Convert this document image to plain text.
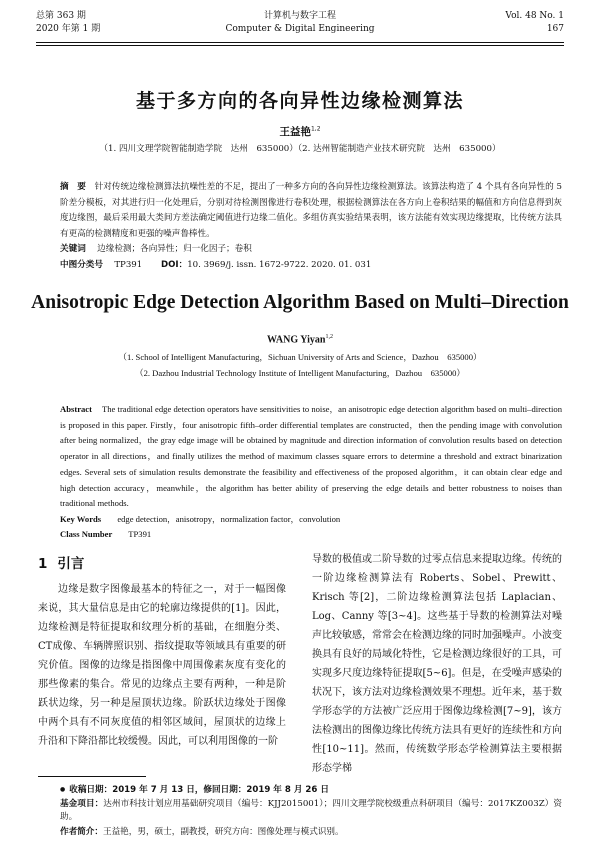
总第 363 期
2020 年第 1 期
计算机与数字工程
Computer & Digital Engineering
Vol. 48 No. 1
167
基于多方向的各向异性边缘检测算法
王益艳$^{1,2}$
（1. 四川文理学院智能制造学院　达州　635000）（2. 达州智能制造产业技术研究院　达州　635000）
摘　要 针对传统边缘检测算法抗噪性差的不足，提出了一种多方向的各向异性边缘检测算法。该算法构造了 4 个具有各向异性的 5 阶差分模板，对其进行归一化处理后，分别对待检测图像进行卷积处理，根据检测算法在各方向上卷积结果的幅值和方向信息得到灰度边缘图，最后采用最大类间方差法确定阈值进行边缘二值化。多组仿真实验结果表明，该方法能有效实现边缘提取，比传统方法具有更高的检测精度和更强的噪声鲁棒性。
关键词　 边缘检测；各向异性；归一化因子；卷积
中图分类号　 TP391 DOI：10. 3969/j. issn. 1672-9722. 2020. 01. 031
Anisotropic Edge Detection Algorithm Based on Multi–Direction
WANG Yiyan$^{1,2}$
（1. School of Intelligent Manufacturing，Sichuan University of Arts and Science，Dazhou　635000）
（2. Dazhou Industrial Technology Institute of Intelligent Manufacturing，Dazhou　635000）
Abstract The traditional edge detection operators have sensitivities to noise，an anisotropic edge detection algorithm based on multi–direction is proposed in this paper. Firstly，four anisotropic fifth–order differential templates are constructed，then the pending image with convolution after being normalized，the gray edge image will be obtained by magnitude and direction information of convolution results based on detection operator in all directions，and finally utilizes the method of maximum classes square errors to determine a threshold and extract binarization edges. Several sets of simulation results demonstrate the feasibility and effectiveness of the proposed algorithm，it can obtain clear edge and high detection accuracy，meanwhile，the algorithm has better ability of preserving the edge details and better robustness to noises than traditional methods.
Key Words edge detection，anisotropy，normalization factor，convolution
Class Number TP391
1 引言

边缘是数字图像最基本的特征之一，对于一幅图像来说，其大量信息是由它的轮廓边缘提供的[1]。因此，边缘检测是特征提取和纹理分析的基础，在细胞分类、CT成像、车辆牌照识别、指纹提取等领域具有重要的研究价值。图像的边缘是指图像中周围像素灰度有变化的那些像素的集合。常见的边缘点主要有两种，一种是阶跃状边缘，另一种是屋顶状边缘。阶跃状边缘处于图像中两个具有不同灰度值的相邻区域间，屋顶状的边缘上升沿和下降沿都比较缓慢。因此，可以利用图像的一阶

导数的极值或二阶导数的过零点信息来提取边缘。传统的一阶边缘检测算法有 Roberts、Sobel、Prewitt、Krisch 等[2]，二阶边缘检测算法包括 Laplacian、Log、Canny 等[3~4]。这些基于导数的检测算法对噪声比较敏感，常常会在检测边缘的同时加强噪声。小波变换具有良好的局域化特性，它是检测边缘很好的工具，可实现多尺度边缘特征提取[5~6]。但是，在受噪声感染的状况下，该方法对边缘检测效果不理想。近年来，基于数学形态学的方法被广泛应用于图像边缘检测[7~9]，该方法检测出的图像边缘比传统方法具有更好的连续性和方向性[10~11]。然而，传统数学形态学检测算法主要根据形态学梯

● 收稿日期：2019 年 7 月 13 日，修回日期：2019 年 8 月 26 日
基金项目：达州市科技计划应用基础研究项目（编号：KJJ2015001）；四川文理学院校级重点科研项目（编号：2017KZ003Z）资助。
作者简介：王益艳，男，硕士，副教授，研究方向：图像处理与模式识别。
